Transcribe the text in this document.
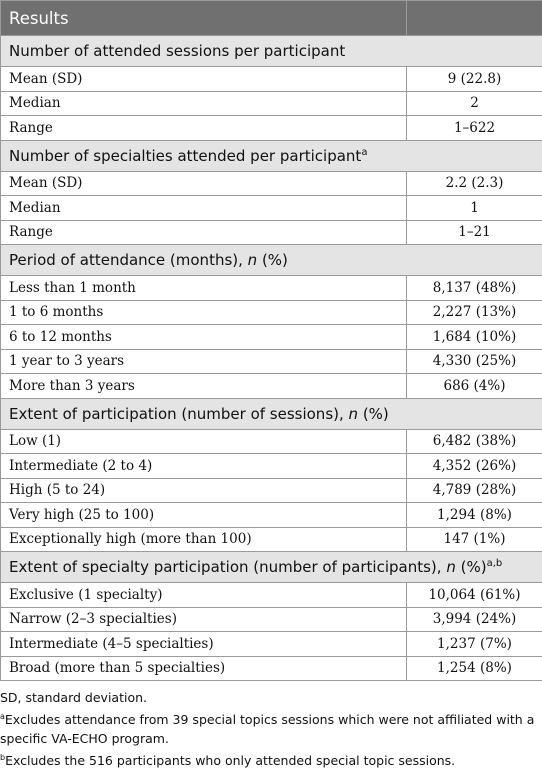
Results	
Number of attended sessions per participant	
Mean (SD)	9 (22.8)
Median	2
Range	1–622
Number of specialties attended per participant$^a$
Mean (SD)	2.2 (2.3)
Median	1
Range	1–21
Period of attendance (months), n (%)	
Less than 1 month	8,137 (48%)
1 to 6 months	2,227 (13%)
6 to 12 months	1,684 (10%)
1 year to 3 years	4,330 (25%)
More than 3 years	686 (4%)
Extent of participation (number of sessions), n (%)	
Low (1)	6,482 (38%)
Intermediate (2 to 4)	4,352 (26%)
High (5 to 24)	4,789 (28%)
Very high (25 to 100)	1,294 (8%)
Exceptionally high (more than 100)	147 (1%)
Extent of specialty participation (number of participants), n (%)$^{a,b}$
Exclusive (1 specialty)	10,064 (61%)
Narrow (2–3 specialties)	3,994 (24%)
Intermediate (4–5 specialties)	1,237 (7%)
Broad (more than 5 specialties)	1,254 (8%)
SD, standard deviation.
$^a$Excludes attendance from 39 special topics sessions which were not affiliated with a specific VA-ECHO program.
$^b$Excludes the 516 participants who only attended special topic sessions.
